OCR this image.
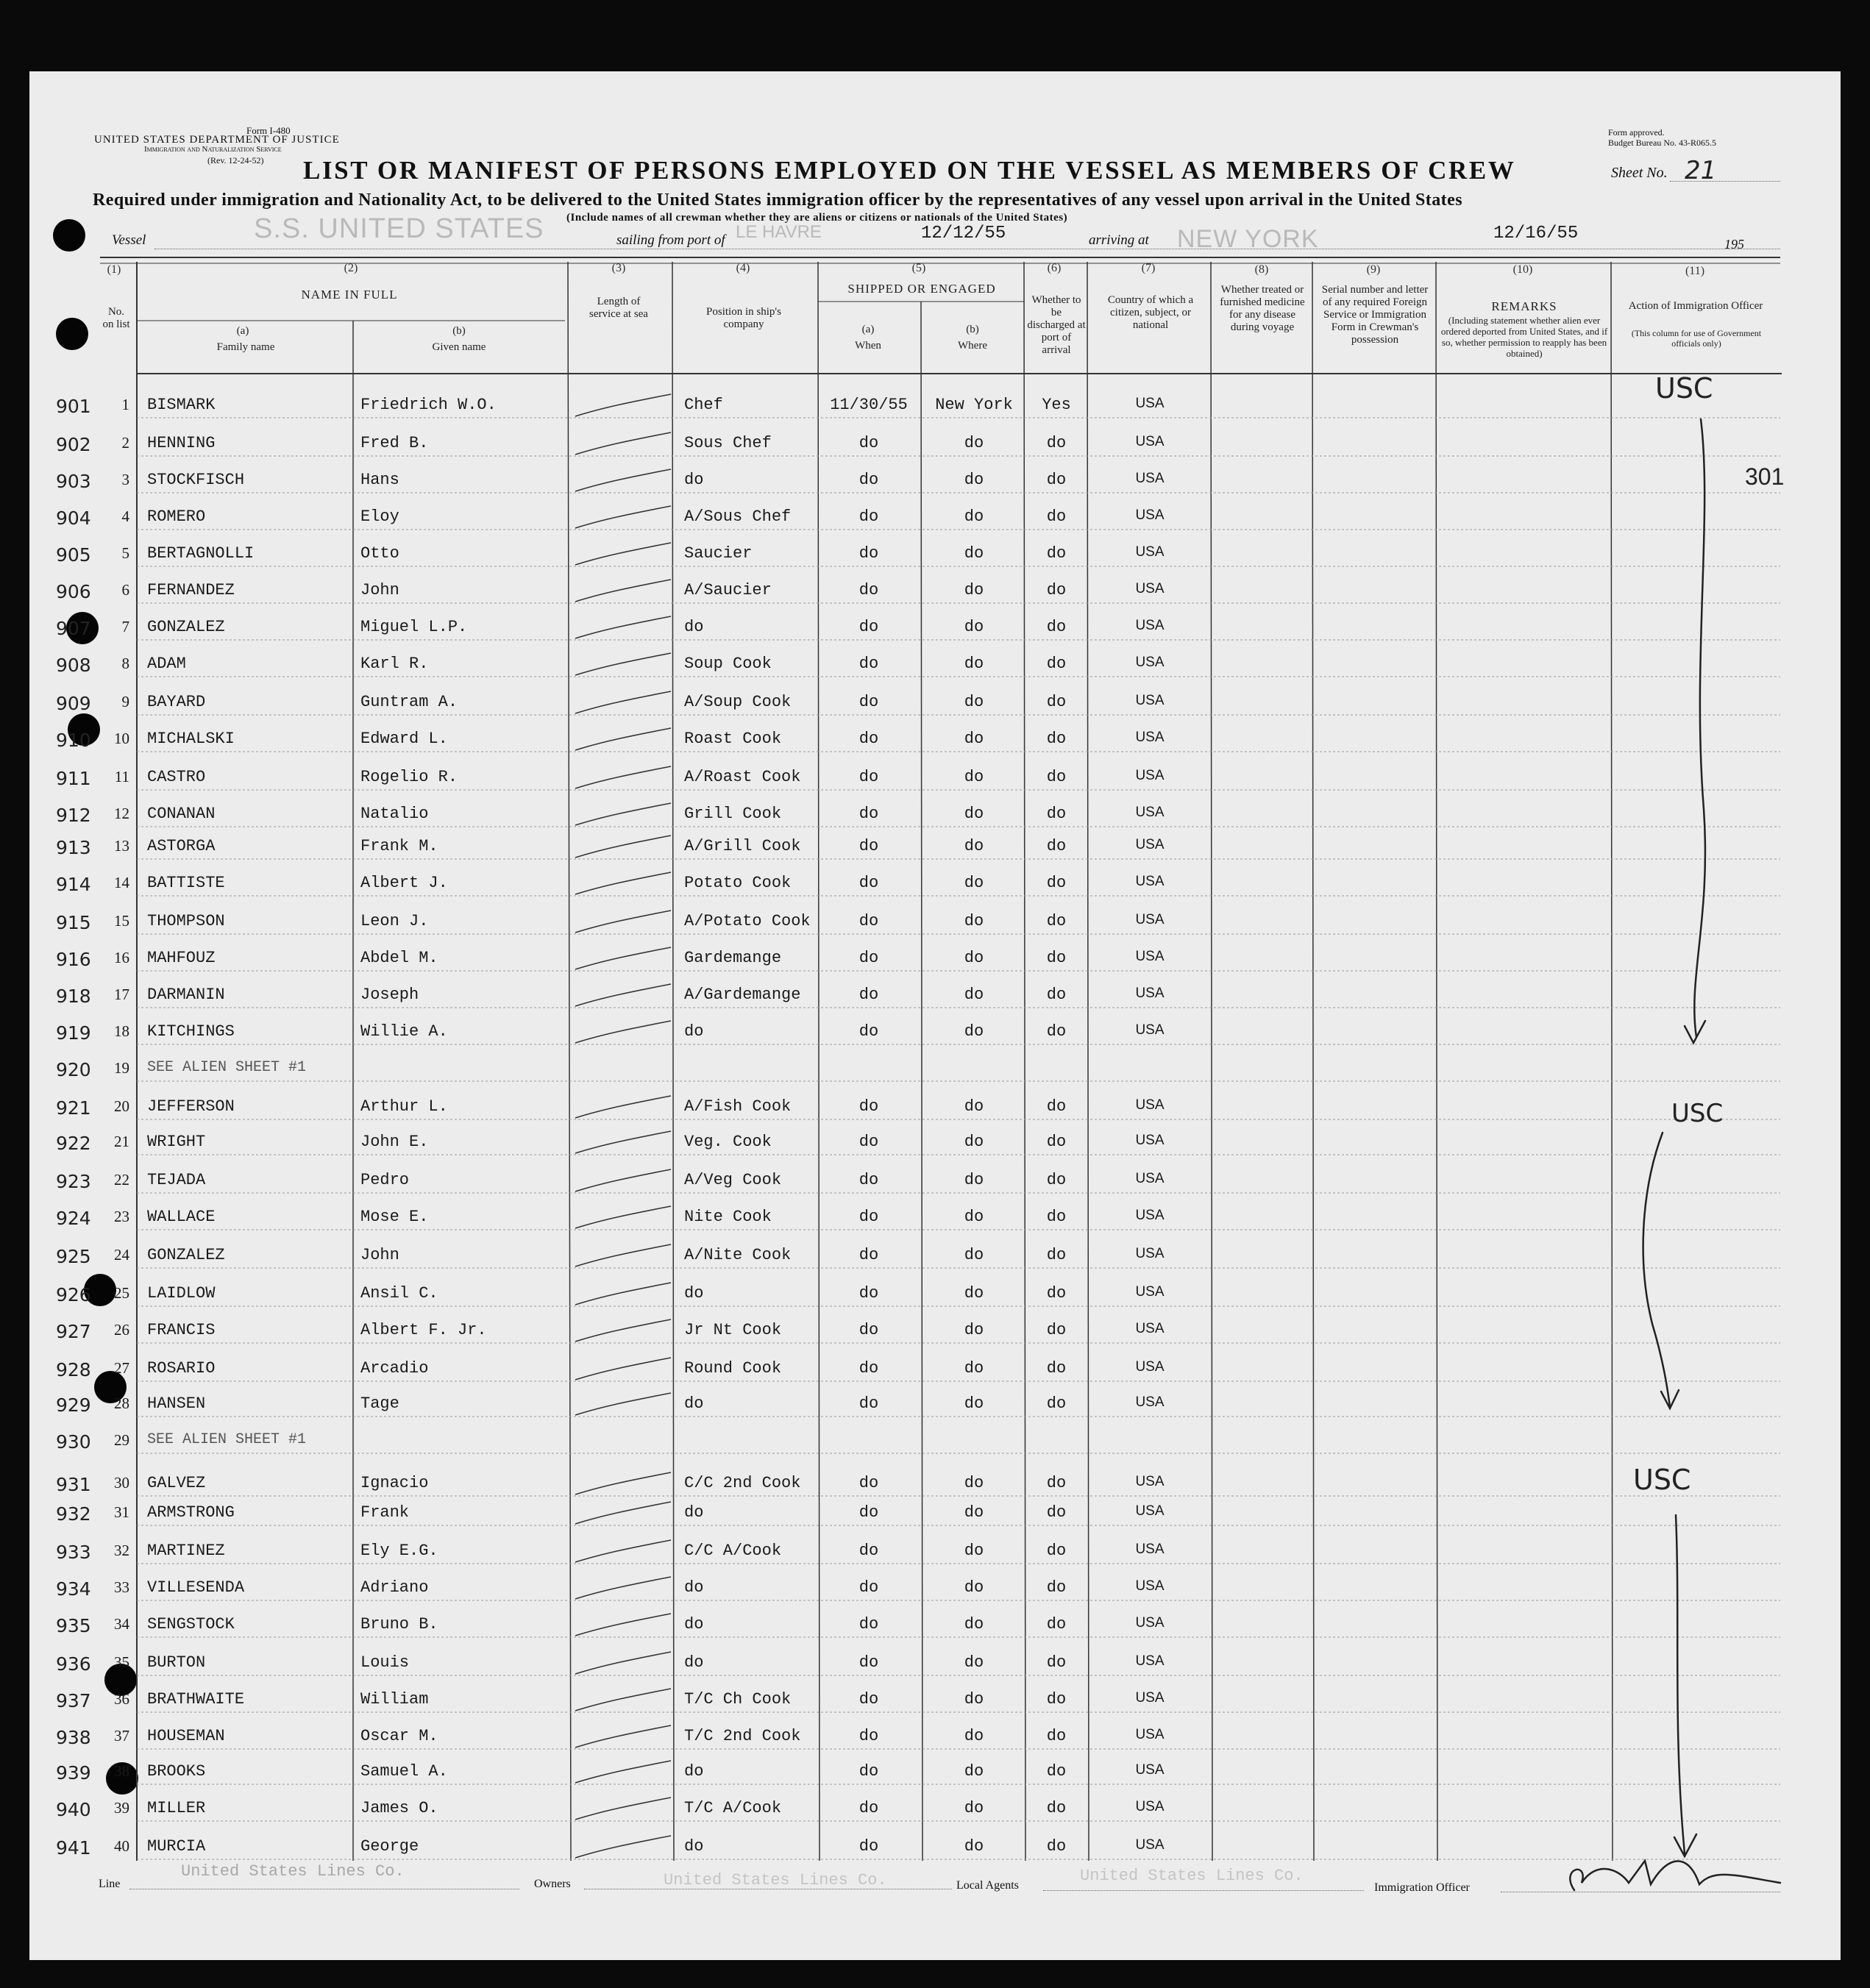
Form I-480
UNITED STATES DEPARTMENT OF JUSTICE
Immigration and Naturalization Service
(Rev. 12-24-52)
Form approved.
Budget Bureau No. 43-R065.5
LIST OR MANIFEST OF PERSONS EMPLOYED ON THE VESSEL AS MEMBERS OF CREW	Sheet No. 21
Required under immigration and Nationality Act, to be delivered to the United States immigration officer by the representatives of any vessel upon arrival in the United States
(Include names of all crewman whether they are aliens or citizens or nationals of the United States)
Vessel	S.S. UNITED STATES	sailing from port of LE HAVRE	12/12/55	arriving at NEW YORK	12/16/55
195
(1)	(2)	(3)	(4)	(5)	(6)	(7)	(8)	(9)	(10)	(11)
No. on list
NAME IN FULL
(a)
Family name
(b)
Given name
Length of service at sea	Position in ship's company
SHIPPED OR ENGAGED
(a)
When
(b)
Where
Whether to be discharged at port of arrival
Country of which a citizen, subject, or national
Whether treated or furnished medicine for any disease during voyage
Serial number and letter of any required Foreign Service or Immigration Form in Crewman's possession
REMARKS
(Including statement whether alien ever ordered deported from United States, and if so, whether permission to reapply has been obtained)
Action of Immigration Officer
(This column for use of Government officials only)
901	1 BISMARK	Friedrich W.O.	Chef	11/30/55	New York	Yes	USA
902	2 HENNING	Fred B.	Sous Chef	do	do	do	USA
903	3 STOCKFISCH	Hans	do	do	do	do	USA
904	4 ROMERO	Eloy	A/Sous Chef	do	do	do	USA
905	5 BERTAGNOLLI	Otto	Saucier	do	do	do	USA
906	6 FERNANDEZ	John	A/Saucier	do	do	do	USA
907	7 GONZALEZ	Miguel L.P.	do	do	do	do	USA
908	8 ADAM	Karl R.	Soup Cook	do	do	do	USA
909	9 BAYARD	Guntram A.	A/Soup Cook	do	do	do	USA
910	10 MICHALSKI	Edward L.	Roast Cook	do	do	do	USA
911	11 CASTRO	Rogelio R.	A/Roast Cook	do	do	do	USA
912	12 CONANAN	Natalio	Grill Cook	do	do	do	USA
913	13 ASTORGA	Frank M.	A/Grill Cook	do	do	do	USA
914	14 BATTISTE	Albert J.	Potato Cook	do	do	do	USA
915	15 THOMPSON	Leon J.	A/Potato Cook	do	do	do	USA
916	16 MAHFOUZ	Abdel M.	Gardemange	do	do	do	USA
918	17 DARMANIN	Joseph	A/Gardemange	do	do	do	USA
919	18 KITCHINGS	Willie A.	do	do	do	do	USA
920	19 SEE ALIEN SHEET #1
921	20 JEFFERSON	Arthur L.	A/Fish Cook	do	do	do	USA
922	21 WRIGHT	John E.	Veg. Cook	do	do	do	USA
923	22 TEJADA	Pedro	A/Veg Cook	do	do	do	USA
924	23 WALLACE	Mose E.	Nite Cook	do	do	do	USA
925	24 GONZALEZ	John	A/Nite Cook	do	do	do	USA
926	25 LAIDLOW	Ansil C.	do	do	do	do	USA
927	26 FRANCIS	Albert F. Jr.	Jr Nt Cook	do	do	do	USA
928	27 ROSARIO	Arcadio	Round Cook	do	do	do	USA
929	28 HANSEN	Tage	do	do	do	do	USA
930	29 SEE ALIEN SHEET #1
931	30 GALVEZ	Ignacio	C/C 2nd Cook	do	do	do	USA
932	31 ARMSTRONG	Frank	do	do	do	do	USA
933	32 MARTINEZ	Ely E.G.	C/C A/Cook	do	do	do	USA
934	33 VILLESENDA	Adriano	do	do	do	do	USA
935	34 SENGSTOCK	Bruno B.	do	do	do	do	USA
936	35 BURTON	Louis	do	do	do	do	USA
937	36 BRATHWAITE	William	T/C Ch Cook	do	do	do	USA
938	37 HOUSEMAN	Oscar M.	T/C 2nd Cook	do	do	do	USA
939	38 BROOKS	Samuel A.	do	do	do	do	USA
940	39 MILLER	James O.	T/C A/Cook	do	do	do	USA
941	40 MURCIA	George	do	do	do	do	USA
USC
USC
USC
301
Line
United States Lines Co.
Owners	United States Lines Co.	Local Agents
United States Lines Co.
Immigration Officer
